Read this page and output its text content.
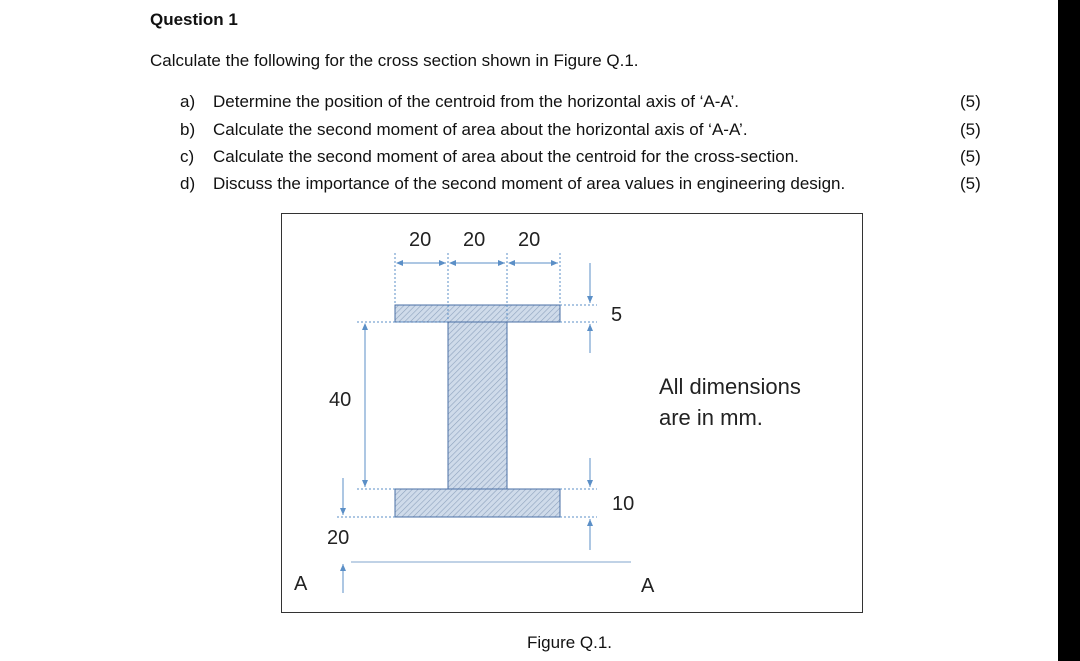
Question 1
Calculate the following for the cross section shown in Figure Q.1.
a) Determine the position of the centroid from the horizontal axis of ‘A-A’.	(5)
b) Calculate the second moment of area about the horizontal axis of ‘A-A’.	(5)
c) Calculate the second moment of area about the centroid for the cross-section.	(5)
d) Discuss the importance of the second moment of area values in engineering design.	(5)
20 20 20
5
10
40
20
A	A
All dimensions
are in mm.
Figure Q.1.
